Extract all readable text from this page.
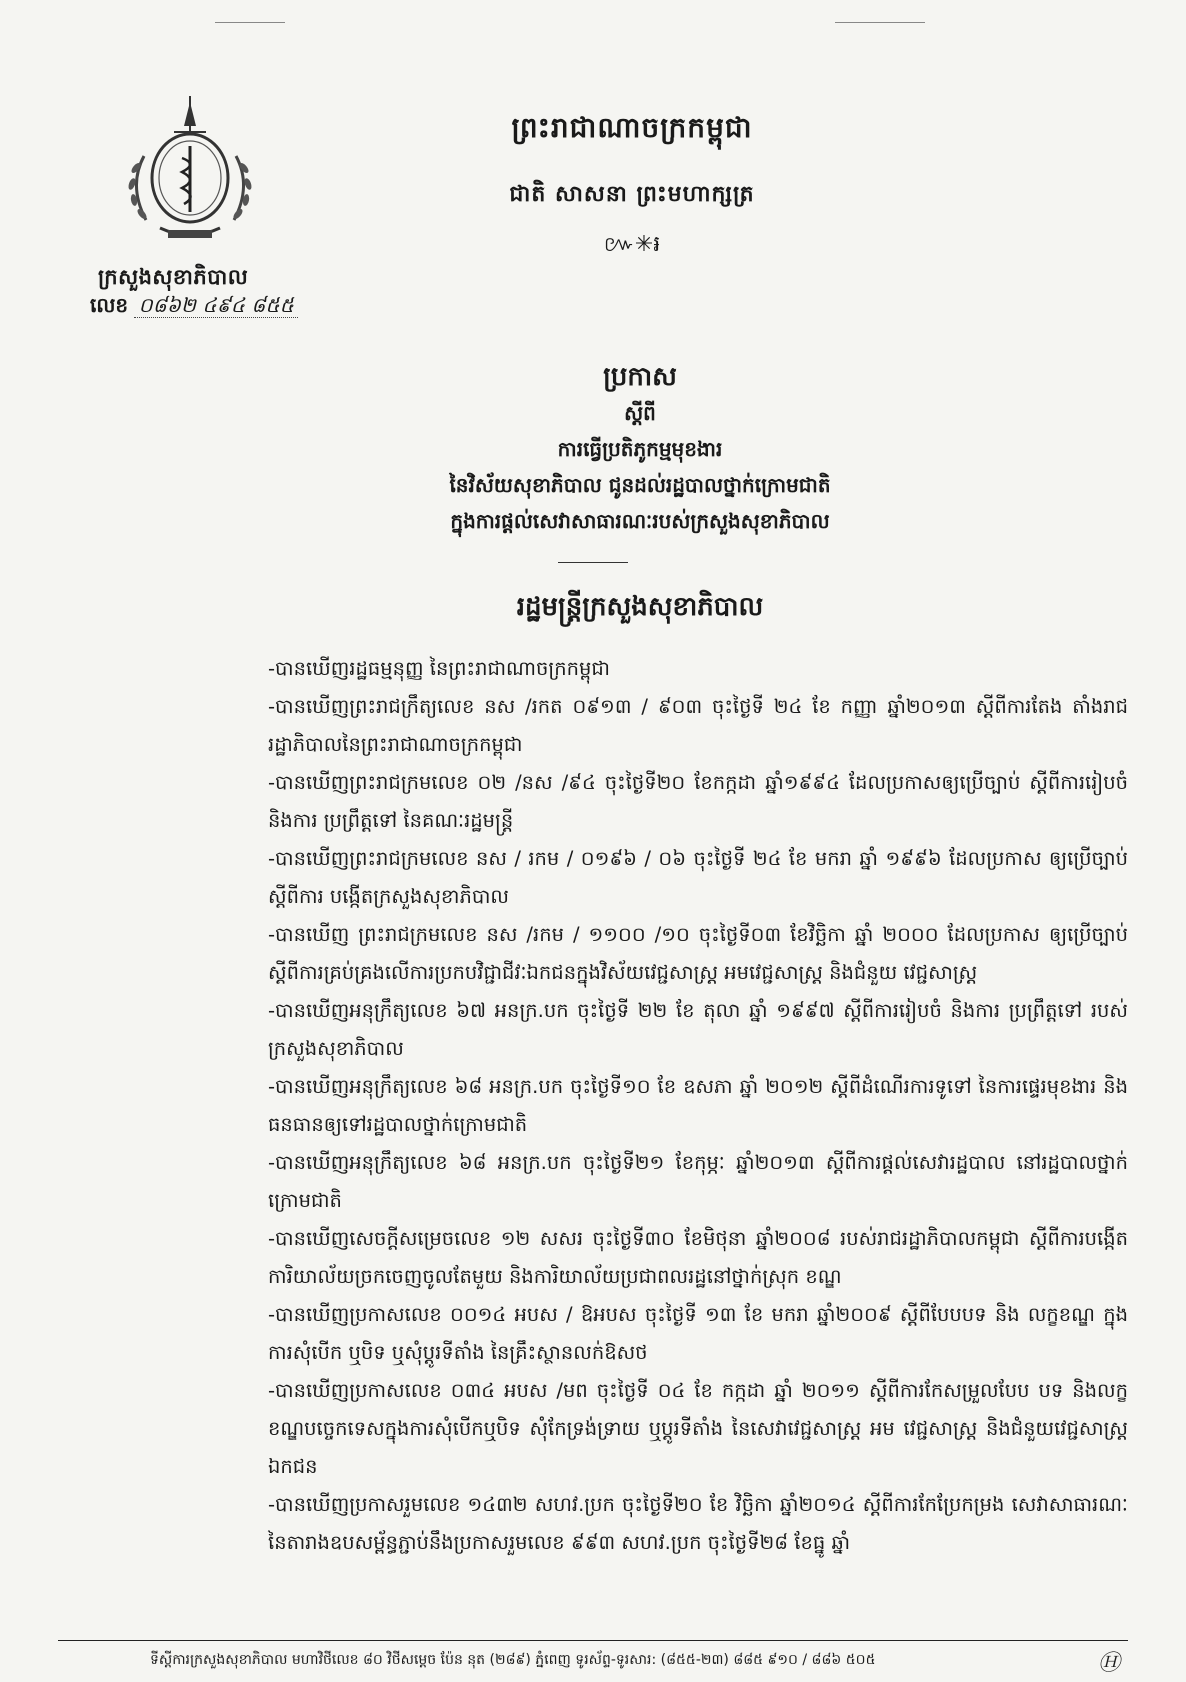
ក្រសួងសុខាភិបាល
លេខ ០៨៦២ ៤៩៤ ៨៥៥
ព្រះរាជាណាចក្រកម្ពុជា
ជាតិ សាសនា ព្រះមហាក្សត្រ
៚✳៛
ប្រកាស
ស្តីពី
ការធ្វើប្រតិភូកម្មមុខងារ
នៃវិស័យសុខាភិបាល ជូនដល់រដ្ឋបាលថ្នាក់ក្រោមជាតិ
ក្នុងការផ្តល់សេវាសាធារណៈរបស់ក្រសួងសុខាភិបាល
រដ្ឋមន្ត្រីក្រសួងសុខាភិបាល

-បានឃើញរដ្ឋធម្មនុញ្ញ នៃព្រះរាជាណាចក្រកម្ពុជា

-បានឃើញព្រះរាជក្រឹត្យលេខ នស /រកត ០៩១៣ / ៩០៣ ចុះថ្ងៃទី ២៤ ខែ កញ្ញា ឆ្នាំ២០១៣ ស្តីពីការតែង តាំងរាជរដ្ឋាភិបាលនៃព្រះរាជាណាចក្រកម្ពុជា

-បានឃើញព្រះរាជក្រមលេខ ០២ /នស /៩៤ ចុះថ្ងៃទី២០ ខែកក្កដា ឆ្នាំ១៩៩៤ ដែលប្រកាសឲ្យប្រើច្បាប់ ស្តីពីការរៀបចំ និងការ ប្រព្រឹត្តទៅ នៃគណៈរដ្ឋមន្ត្រី

-បានឃើញព្រះរាជក្រមលេខ នស / រកម / ០១៩៦ / ០៦ ចុះថ្ងៃទី ២៤ ខែ មករា ឆ្នាំ ១៩៩៦ ដែលប្រកាស ឲ្យប្រើច្បាប់ស្តីពីការ បង្កើតក្រសួងសុខាភិបាល

-បានឃើញ ព្រះរាជក្រមលេខ នស /រកម / ១១០០ /១០ ចុះថ្ងៃទី០៣ ខែវិច្ឆិកា ឆ្នាំ ២០០០ ដែលប្រកាស ឲ្យប្រើច្បាប់ ស្តីពីការគ្រប់គ្រងលើការប្រកបវិជ្ជាជីវៈឯកជនក្នុងវិស័យវេជ្ជសាស្ត្រ អមវេជ្ជសាស្ត្រ និងជំនួយ វេជ្ជសាស្ត្រ

-បានឃើញអនុក្រឹត្យលេខ ៦៧ អនក្រ.បក ចុះថ្ងៃទី ២២ ខែ តុលា ឆ្នាំ ១៩៩៧ ស្តីពីការរៀបចំ និងការ ប្រព្រឹត្តទៅ របស់ក្រសួងសុខាភិបាល

-បានឃើញអនុក្រឹត្យលេខ ៦៨ អនក្រ.បក ចុះថ្ងៃទី១០ ខែ ឧសភា ឆ្នាំ ២០១២ ស្តីពីដំណើរការទូទៅ នៃការផ្ទេរមុខងារ និងធនធានឲ្យទៅរដ្ឋបាលថ្នាក់ក្រោមជាតិ

-បានឃើញអនុក្រឹត្យលេខ ៦៨ អនក្រ.បក ចុះថ្ងៃទី២១ ខែកុម្ភៈ ឆ្នាំ២០១៣ ស្តីពីការផ្តល់សេវារដ្ឋបាល នៅរដ្ឋបាលថ្នាក់ក្រោមជាតិ

-បានឃើញសេចក្តីសម្រេចលេខ ១២ សសរ ចុះថ្ងៃទី៣០ ខែមិថុនា ឆ្នាំ២០០៨ របស់រាជរដ្ឋាភិបាលកម្ពុជា ស្តីពីការបង្កើតការិយាល័យច្រកចេញចូលតែមួយ និងការិយាល័យប្រជាពលរដ្ឋនៅថ្នាក់ស្រុក ខណ្ឌ

-បានឃើញប្រកាសលេខ ០០១៤ អបស / ឱអបស ចុះថ្ងៃទី ១៣ ខែ មករា ឆ្នាំ២០០៩ ស្តីពីបែបបទ និង លក្ខខណ្ឌ ក្នុងការសុំបើក ឬបិទ ឬសុំប្តូរទីតាំង នៃគ្រឹះស្ថានលក់ឱសថ

-បានឃើញប្រកាសលេខ ០៣៤ អបស /មព ចុះថ្ងៃទី ០៤ ខែ កក្កដា ឆ្នាំ ២០១១ ស្តីពីការកែសម្រួលបែប បទ និងលក្ខខណ្ឌបច្ចេកទេសក្នុងការសុំបើកឬបិទ សុំកែទ្រង់ទ្រាយ ឬប្តូរទីតាំង នៃសេវាវេជ្ជសាស្ត្រ អម វេជ្ជសាស្ត្រ និងជំនួយវេជ្ជសាស្ត្រឯកជន

-បានឃើញប្រកាសរួមលេខ ១៤៣២ សហវ.ប្រក ចុះថ្ងៃទី២០ ខែ វិច្ឆិកា ឆ្នាំ២០១៤ ស្តីពីការកែប្រែកម្រង សេវាសាធារណៈ នៃតារាងឧបសម្ព័ន្ធភ្ជាប់នឹងប្រកាសរួមលេខ ៩៩៣ សហវ.ប្រក ចុះថ្ងៃទី២៨ ខែធ្នូ ឆ្នាំ

ទីស្តីការក្រសួងសុខាភិបាល មហាវិថីលេខ ៨០ វិថីសម្តេច ប៉ែន នុត (២៨៩) ភ្នំពេញ ទូរស័ព្ទ-ទូរសារ: (៨៥៥-២៣) ៨៨៥ ៩១០ / ៨៨៦ ៥០៥	Ⓗ
